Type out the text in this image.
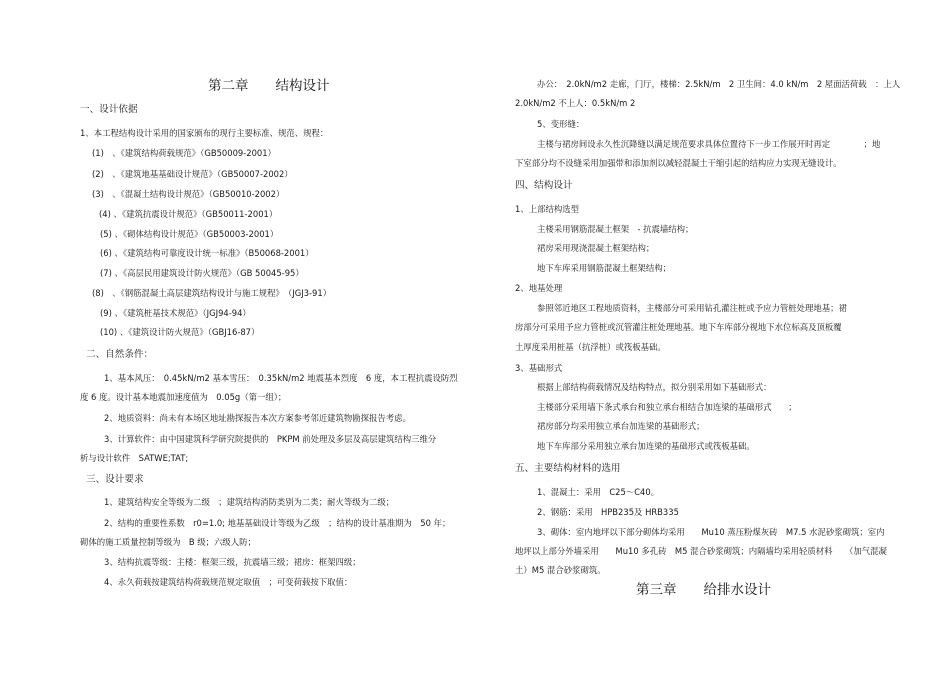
第二章　　结构设计
一、设计依据
1、本工程结构设计采用的国家颁布的现行主要标准、规范、规程：
(1)　、《建筑结构荷载规范》（GB50009-2001）
(2)　、《建筑地基基础设计规范》（GB50007-2002）
(3)　、《混凝土结构设计规范》（GB50010-2002）
(4) 、《建筑抗震设计规范》（GB50011-2001）
(5) 、《砌体结构设计规范》（GB50003-2001）
(6) 、《建筑结构可靠度设计统一标准》（B50068-2001）
(7) 、《高层民用建筑设计防火规范》（GB 50045-95）
(8)　、《钢筋混凝土高层建筑结构设计与施工规程》　（JGJ3-91）
(9) 、《建筑桩基技术规范》（JGJ94-94）
(10) 、《建筑设计防火规范》（GBJ16-87）
二、自然条件：
1、基本风压：　0.45kN/m2 基本雪压：　0.35kN/m2 地震基本烈度　6 度，本工程抗震设防烈
度 6 度。设计基本地震加速度值为　0.05g（第一组）；
2、地质资料：尚未有本场区地址勘探报告本次方案参考邻近建筑物勘探报告考虑。
3、计算软件：由中国建筑科学研究院提供的　PKPM 前处理及多层及高层建筑结构三维分
析与设计软件　SATWE;TAT;
三、设计要求
1、建筑结构安全等级为二级　；建筑结构消防类别为二类；耐火等级为二级；
2、结构的重要性系数　r0=1.0; 地基基础设计等级为乙级　；结构的设计基准期为　50 年；
砌体的施工质量控制等级为　B 级；六级人防；
3、结构抗震等级：主楼：框架三级，抗震墙三级；裙房：框架四级；
4、永久荷载按建筑结构荷载规范规定取值　；可变荷载按下取值：
办公：　2.0kN/m2 走廊，门厅，楼梯：2.5kN/m　2 卫生间：4.0 kN/m　2 屋面活荷载　：上人
2.0kN/m2 不上人：0.5kN/m 2
5、变形缝：
主楼与裙房间设永久性沉降缝以满足规范要求具体位置待下一步工作展开时再定　　　　；地
下室部分均不设缝采用加强带和添加剂以减轻混凝土干缩引起的结构应力实现无缝设计。
四、结构设计
1、上部结构选型
主楼采用钢筋混凝土框架　- 抗震墙结构；
裙房采用现浇混凝土框架结构；
地下车库采用钢筋混凝土框架结构；
2、地基处理
参照邻近地区工程地质资料，主楼部分可采用钻孔灌注桩或予应力管桩处理地基；裙
房部分可采用予应力管桩或沉管灌注桩处理地基。地下车库部分视地下水位标高及顶板覆
土厚度采用桩基（抗浮桩）或筏板基础。
3、基础形式
根据上部结构荷载情况及结构特点，拟分别采用如下基础形式：
主楼部分采用墙下条式承台和独立承台相结合加连梁的基础形式　　；
裙房部分均采用独立承台加连梁的基础形式；
地下车库部分采用独立承台加连梁的基础形式或筏板基础。
五、主要结构材料的选用
1、混凝土：采用　C25～C40。
2、钢筋：采用　HPB235及 HRB335
3、砌体：室内地坪以下部分砌体均采用　　Mu10 蒸压粉煤灰砖　M7.5 水泥砂浆砌筑；室内
地坪以上部分外墙采用　　Mu10 多孔砖　M5 混合砂浆砌筑；内隔墙均采用轻质材料　　（加气混凝
土）M5 混合砂浆砌筑。
第三章　　给排水设计
